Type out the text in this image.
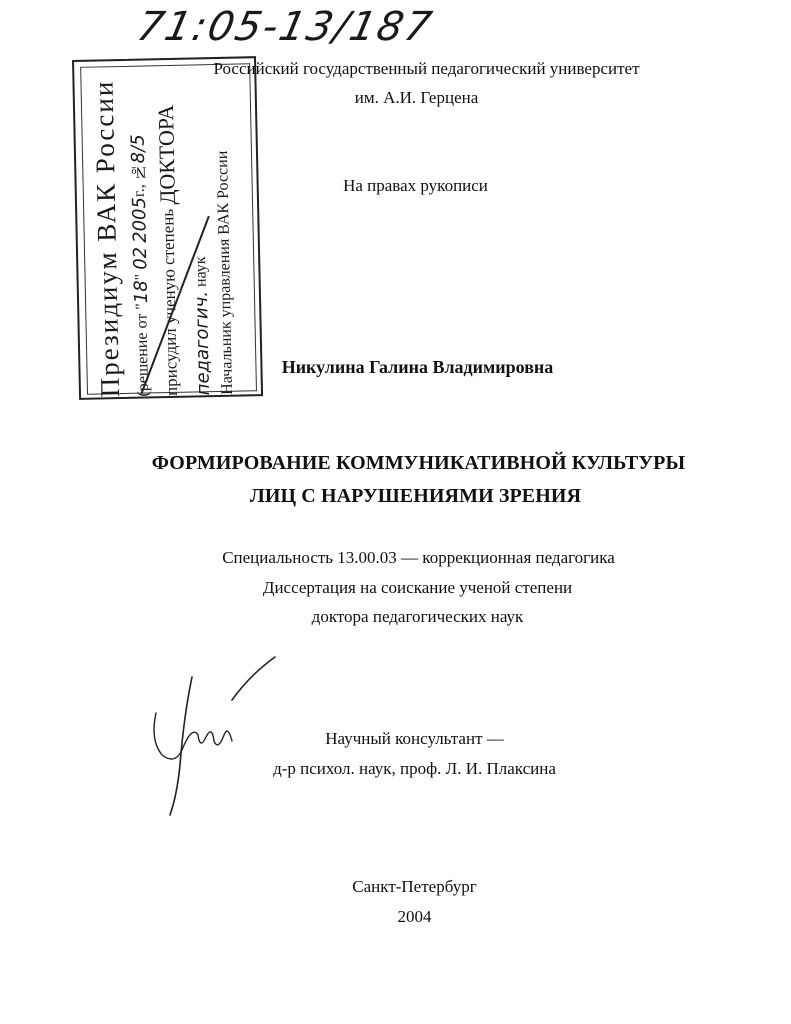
71:05-13/187
Президиум ВАК России (решение от "18" 02 2005г., №8/5
присудил ученую степень ДОКТОРА
педагогич. наук Начальник управления ВАК России
Российский государственный педагогический университет
им. А.И. Герцена
На правах рукописи
Никулина Галина Владимировна
ФОРМИРОВАНИЕ КОММУНИКАТИВНОЙ КУЛЬТУРЫ
ЛИЦ С НАРУШЕНИЯМИ ЗРЕНИЯ
Специальность 13.00.03 — коррекционная педагогика
Диссертация на соискание ученой степени
доктора педагогических наук
Научный консультант —
д-р психол. наук, проф. Л. И. Плаксина
Санкт-Петербург
2004
